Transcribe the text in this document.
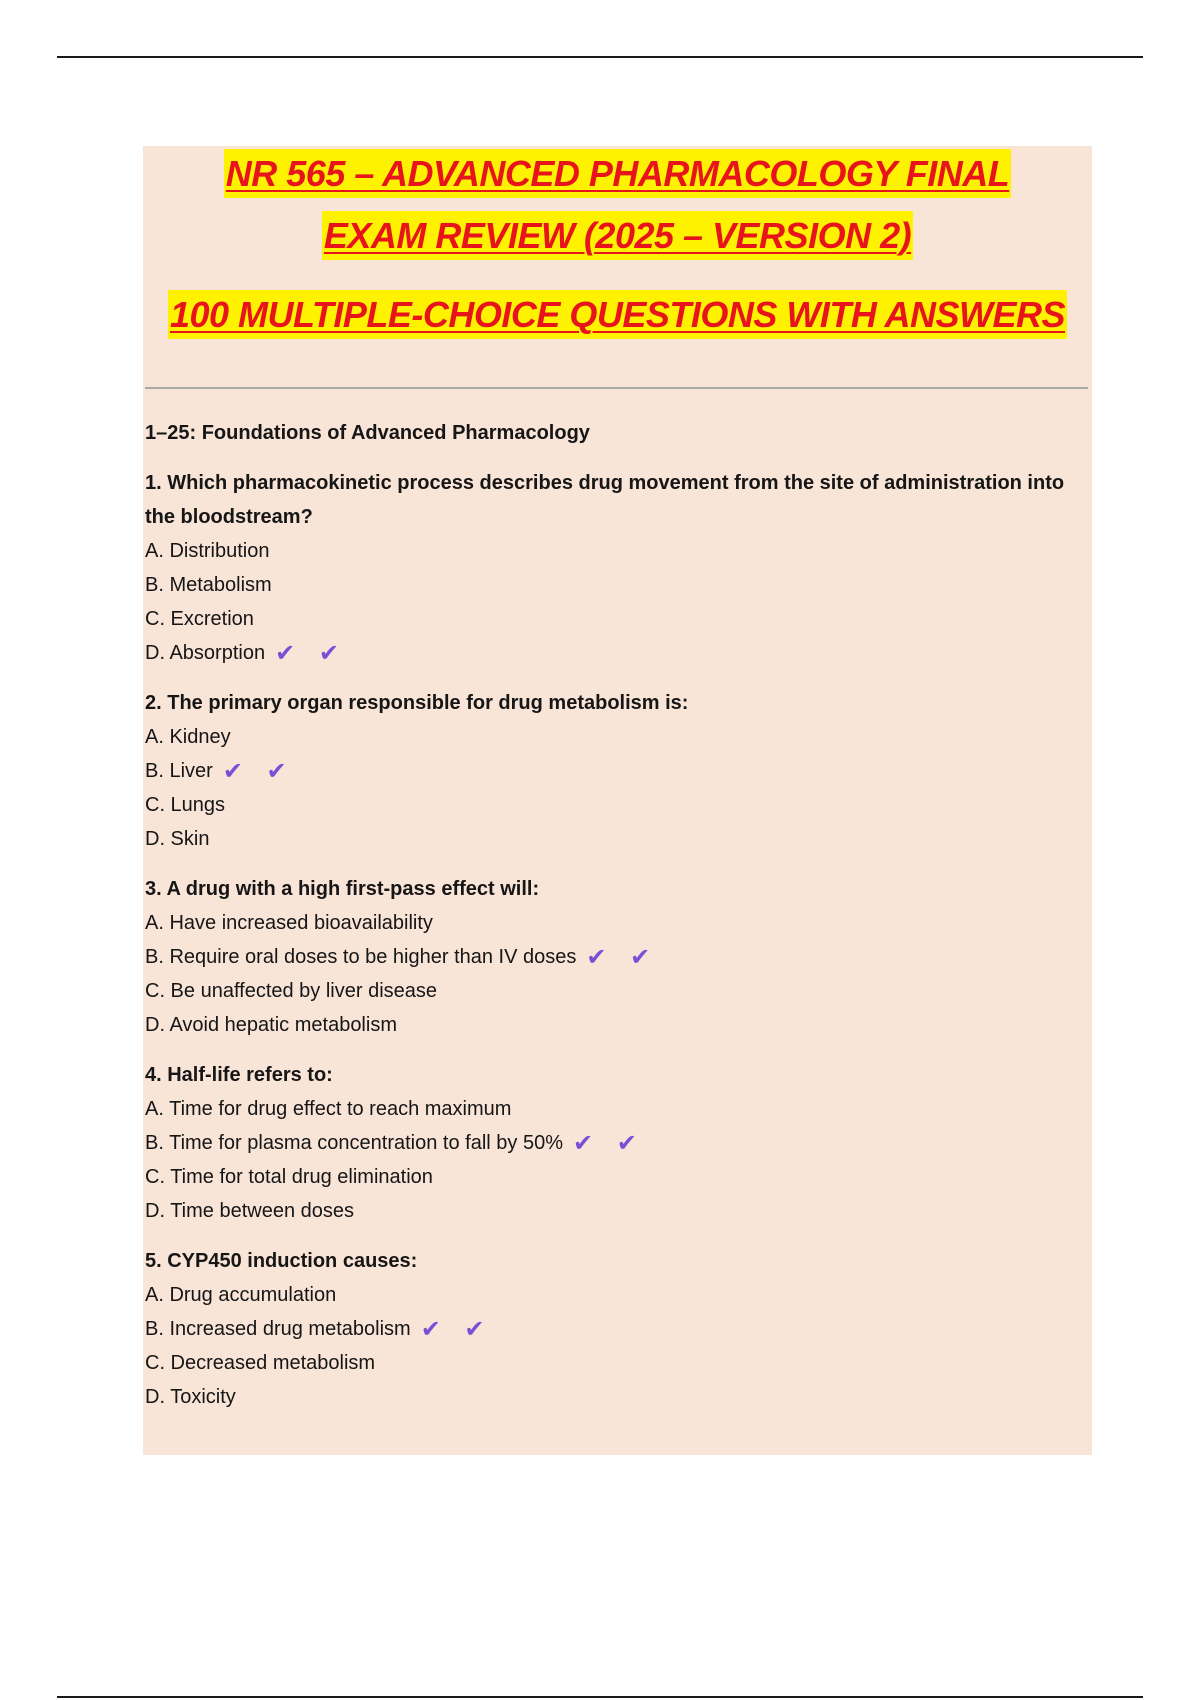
NR 565 – ADVANCED PHARMACOLOGY FINAL
EXAM REVIEW (2025 – VERSION 2)
100 MULTIPLE-CHOICE QUESTIONS WITH ANSWERS
1–25: Foundations of Advanced Pharmacology
1. Which pharmacokinetic process describes drug movement from the site of administration into the bloodstream?
A. Distribution
B. Metabolism
C. Excretion
D. Absorption ✔ ✔
2. The primary organ responsible for drug metabolism is:
A. Kidney
B. Liver ✔ ✔
C. Lungs
D. Skin
3. A drug with a high first-pass effect will:
A. Have increased bioavailability
B. Require oral doses to be higher than IV doses ✔ ✔
C. Be unaffected by liver disease
D. Avoid hepatic metabolism
4. Half-life refers to:
A. Time for drug effect to reach maximum
B. Time for plasma concentration to fall by 50% ✔ ✔
C. Time for total drug elimination
D. Time between doses
5. CYP450 induction causes:
A. Drug accumulation
B. Increased drug metabolism ✔ ✔
C. Decreased metabolism
D. Toxicity
